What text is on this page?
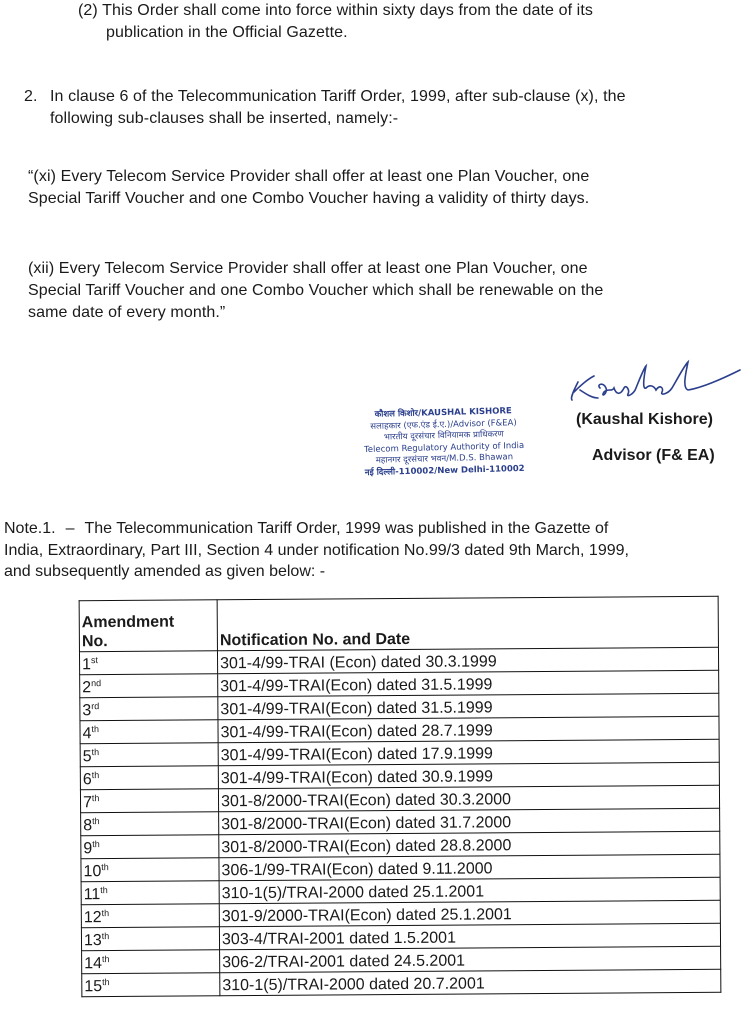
(2) This Order shall come into force within sixty days from the date of its

publication in the Official Gazette.

2. In clause 6 of the Telecommunication Tariff Order, 1999, after sub-clause (x), the

following sub-clauses shall be inserted, namely:-

“(xi) Every Telecom Service Provider shall offer at least one Plan Voucher, one
Special Tariff Voucher and one Combo Voucher having a validity of thirty days.

(xii) Every Telecom Service Provider shall offer at least one Plan Voucher, one
Special Tariff Voucher and one Combo Voucher which shall be renewable on the
same date of every month.”

(Kaushal Kishore)
Advisor (F& EA)
कौशल किशोर/KAUSHAL KISHORE
सलाहकार (एफ.एंड ई.ए.)/Advisor (F&EA)
भारतीय दूरसंचार विनियामक प्राधिकरण
Telecom Regulatory Authority of India
महानगर दूरसंचार भवन/M.D.S. Bhawan
नई दिल्ली-110002/New Delhi-110002

Note.1. – The Telecommunication Tariff Order, 1999 was published in the Gazette of
India, Extraordinary, Part III, Section 4 under notification No.99/3 dated 9th March, 1999,
and subsequently amended as given below: -

Amendment
No.	Notification No. and Date
1st	301-4/99-TRAI (Econ) dated 30.3.1999
2nd	301-4/99-TRAI(Econ) dated 31.5.1999
3rd	301-4/99-TRAI(Econ) dated 31.5.1999
4th	301-4/99-TRAI(Econ) dated 28.7.1999
5th	301-4/99-TRAI(Econ) dated 17.9.1999
6th	301-4/99-TRAI(Econ) dated 30.9.1999
7th	301-8/2000-TRAI(Econ) dated 30.3.2000
8th	301-8/2000-TRAI(Econ) dated 31.7.2000
9th	301-8/2000-TRAI(Econ) dated 28.8.2000
10th	306-1/99-TRAI(Econ) dated 9.11.2000
11th	310-1(5)/TRAI-2000 dated 25.1.2001
12th	301-9/2000-TRAI(Econ) dated 25.1.2001
13th	303-4/TRAI-2001 dated 1.5.2001
14th	306-2/TRAI-2001 dated 24.5.2001
15th	310-1(5)/TRAI-2000 dated 20.7.2001
